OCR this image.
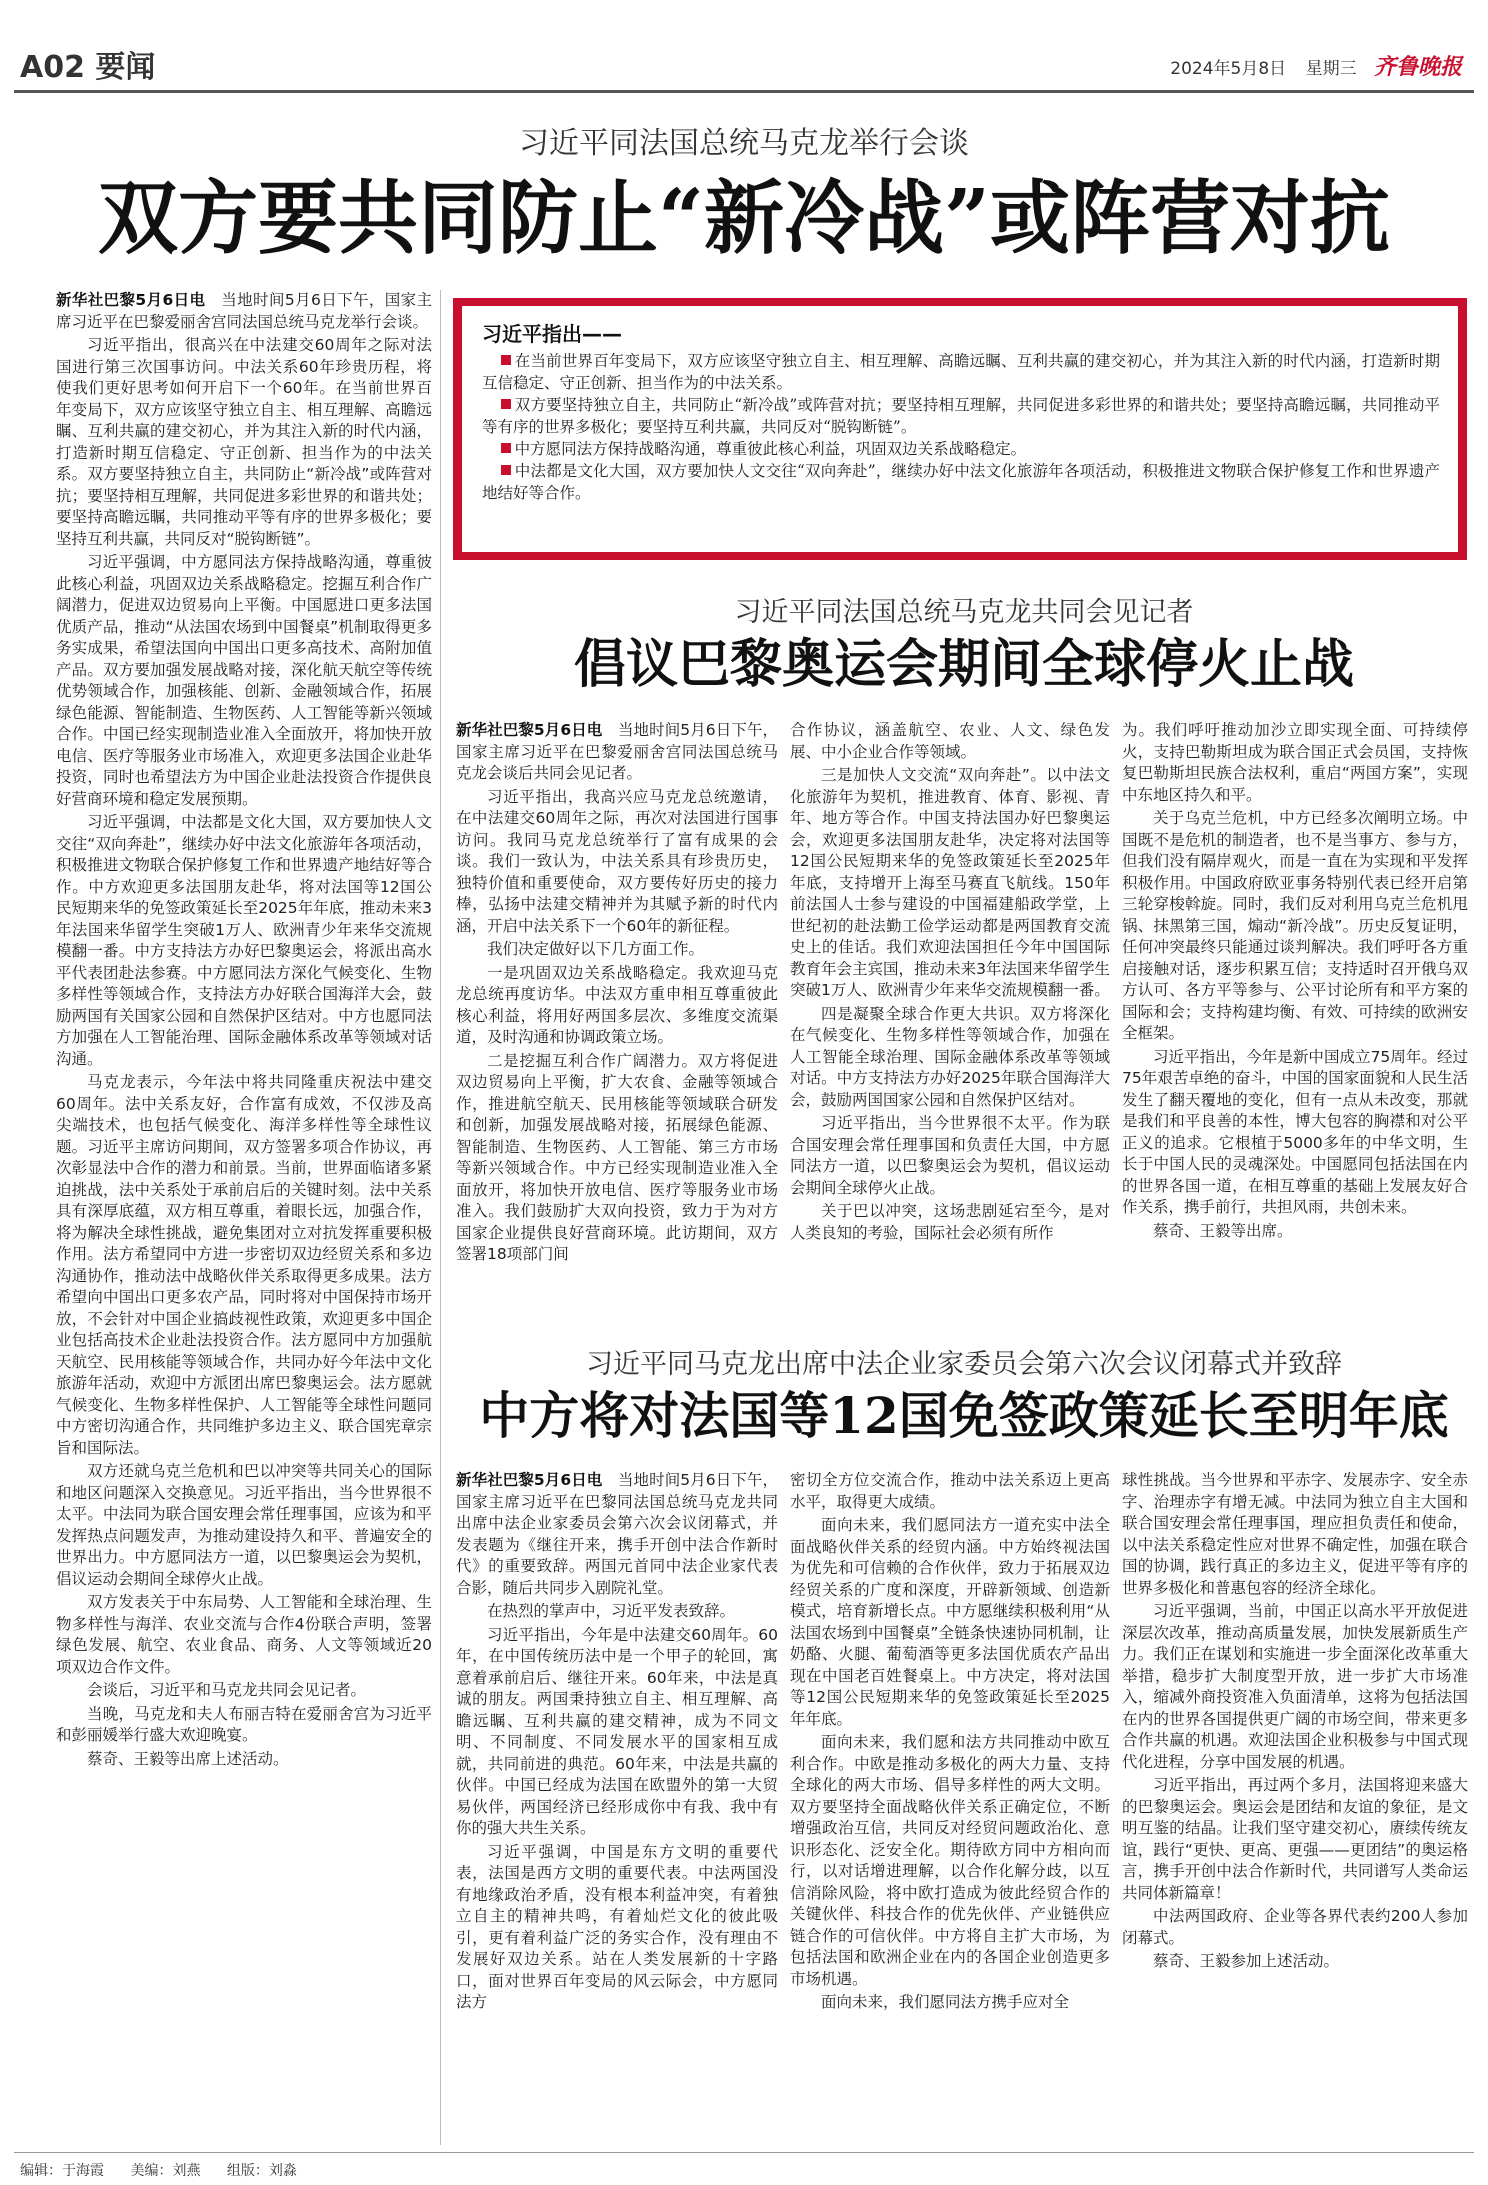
A02 要闻	2024年5月8日 星期三 齐鲁晚报
习近平同法国总统马克龙举行会谈
双方要共同防止“新冷战”或阵营对抗

新华社巴黎5月6日电　 当地时间5月6日下午，国家主席习近平在巴黎爱丽舍宫同法国总统马克龙举行会谈。

习近平指出，很高兴在中法建交60周年之际对法国进行第三次国事访问。中法关系60年珍贵历程，将使我们更好思考如何开启下一个60年。在当前世界百年变局下，双方应该坚守独立自主、相互理解、高瞻远瞩、互利共赢的建交初心，并为其注入新的时代内涵，打造新时期互信稳定、守正创新、担当作为的中法关系。双方要坚持独立自主，共同防止“新冷战”或阵营对抗；要坚持相互理解，共同促进多彩世界的和谐共处；要坚持高瞻远瞩，共同推动平等有序的世界多极化；要坚持互利共赢，共同反对“脱钩断链”。

习近平强调，中方愿同法方保持战略沟通，尊重彼此核心利益，巩固双边关系战略稳定。挖掘互利合作广阔潜力，促进双边贸易向上平衡。中国愿进口更多法国优质产品，推动“从法国农场到中国餐桌”机制取得更多务实成果，希望法国向中国出口更多高技术、高附加值产品。双方要加强发展战略对接，深化航天航空等传统优势领域合作，加强核能、创新、金融领域合作，拓展绿色能源、智能制造、生物医药、人工智能等新兴领域合作。中国已经实现制造业准入全面放开，将加快开放电信、医疗等服务业市场准入，欢迎更多法国企业赴华投资，同时也希望法方为中国企业赴法投资合作提供良好营商环境和稳定发展预期。

习近平强调，中法都是文化大国，双方要加快人文交往“双向奔赴”，继续办好中法文化旅游年各项活动，积极推进文物联合保护修复工作和世界遗产地结好等合作。中方欢迎更多法国朋友赴华，将对法国等12国公民短期来华的免签政策延长至2025年年底，推动未来3年法国来华留学生突破1万人、欧洲青少年来华交流规模翻一番。中方支持法方办好巴黎奥运会，将派出高水平代表团赴法参赛。中方愿同法方深化气候变化、生物多样性等领域合作，支持法方办好联合国海洋大会，鼓励两国有关国家公园和自然保护区结对。中方也愿同法方加强在人工智能治理、国际金融体系改革等领域对话沟通。

马克龙表示，今年法中将共同隆重庆祝法中建交60周年。法中关系友好，合作富有成效，不仅涉及高尖端技术，也包括气候变化、海洋多样性等全球性议题。习近平主席访问期间，双方签署多项合作协议，再次彰显法中合作的潜力和前景。当前，世界面临诸多紧迫挑战，法中关系处于承前启后的关键时刻。法中关系具有深厚底蕴，双方相互尊重，着眼长远，加强合作，将为解决全球性挑战，避免集团对立对抗发挥重要积极作用。法方希望同中方进一步密切双边经贸关系和多边沟通协作，推动法中战略伙伴关系取得更多成果。法方希望向中国出口更多农产品，同时将对中国保持市场开放，不会针对中国企业搞歧视性政策，欢迎更多中国企业包括高技术企业赴法投资合作。法方愿同中方加强航天航空、民用核能等领域合作，共同办好今年法中文化旅游年活动，欢迎中方派团出席巴黎奥运会。法方愿就气候变化、生物多样性保护、人工智能等全球性问题同中方密切沟通合作，共同维护多边主义、联合国宪章宗旨和国际法。

双方还就乌克兰危机和巴以冲突等共同关心的国际和地区问题深入交换意见。习近平指出，当今世界很不太平。中法同为联合国安理会常任理事国，应该为和平发挥热点问题发声，为推动建设持久和平、普遍安全的世界出力。中方愿同法方一道，以巴黎奥运会为契机，倡议运动会期间全球停火止战。

双方发表关于中东局势、人工智能和全球治理、生物多样性与海洋、农业交流与合作4份联合声明，签署绿色发展、航空、农业食品、商务、人文等领域近20项双边合作文件。

会谈后，习近平和马克龙共同会见记者。

当晚，马克龙和夫人布丽吉特在爱丽舍宫为习近平和彭丽媛举行盛大欢迎晚宴。

蔡奇、王毅等出席上述活动。

习近平指出——

在当前世界百年变局下，双方应该坚守独立自主、相互理解、高瞻远瞩、互利共赢的建交初心，并为其注入新的时代内涵，打造新时期互信稳定、守正创新、担当作为的中法关系。

双方要坚持独立自主，共同防止“新冷战”或阵营对抗；要坚持相互理解，共同促进多彩世界的和谐共处；要坚持高瞻远瞩，共同推动平等有序的世界多极化；要坚持互利共赢，共同反对“脱钩断链”。

中方愿同法方保持战略沟通，尊重彼此核心利益，巩固双边关系战略稳定。

中法都是文化大国，双方要加快人文交往“双向奔赴”，继续办好中法文化旅游年各项活动，积极推进文物联合保护修复工作和世界遗产地结好等合作。

习近平同法国总统马克龙共同会见记者
倡议巴黎奥运会期间全球停火止战

新华社巴黎5月6日电　 当地时间5月6日下午，国家主席习近平在巴黎爱丽舍宫同法国总统马克龙会谈后共同会见记者。

习近平指出，我高兴应马克龙总统邀请，在中法建交60周年之际，再次对法国进行国事访问。我同马克龙总统举行了富有成果的会谈。我们一致认为，中法关系具有珍贵历史，独特价值和重要使命，双方要传好历史的接力棒，弘扬中法建交精神并为其赋予新的时代内涵，开启中法关系下一个60年的新征程。

我们决定做好以下几方面工作。

一是巩固双边关系战略稳定。我欢迎马克龙总统再度访华。中法双方重申相互尊重彼此核心利益，将用好两国多层次、多维度交流渠道，及时沟通和协调政策立场。

二是挖掘互利合作广阔潜力。双方将促进双边贸易向上平衡，扩大农食、金融等领域合作，推进航空航天、民用核能等领域联合研发和创新，加强发展战略对接，拓展绿色能源、智能制造、生物医药、人工智能、第三方市场等新兴领域合作。中方已经实现制造业准入全面放开，将加快开放电信、医疗等服务业市场准入。我们鼓励扩大双向投资，致力于为对方国家企业提供良好营商环境。此访期间，双方签署18项部门间

合作协议，涵盖航空、农业、人文、绿色发展、中小企业合作等领域。

三是加快人文交流“双向奔赴”。以中法文化旅游年为契机，推进教育、体育、影视、青年、地方等合作。中国支持法国办好巴黎奥运会，欢迎更多法国朋友赴华，决定将对法国等12国公民短期来华的免签政策延长至2025年年底，支持增开上海至马赛直飞航线。150年前法国人士参与建设的中国福建船政学堂，上世纪初的赴法勤工俭学运动都是两国教育交流史上的佳话。我们欢迎法国担任今年中国国际教育年会主宾国，推动未来3年法国来华留学生突破1万人、欧洲青少年来华交流规模翻一番。

四是凝聚全球合作更大共识。双方将深化在气候变化、生物多样性等领域合作，加强在人工智能全球治理、国际金融体系改革等领域对话。中方支持法方办好2025年联合国海洋大会，鼓励两国国家公园和自然保护区结对。

习近平指出，当今世界很不太平。作为联合国安理会常任理事国和负责任大国，中方愿同法方一道，以巴黎奥运会为契机，倡议运动会期间全球停火止战。

关于巴以冲突，这场悲剧延宕至今，是对人类良知的考验，国际社会必须有所作

为。我们呼吁推动加沙立即实现全面、可持续停火，支持巴勒斯坦成为联合国正式会员国，支持恢复巴勒斯坦民族合法权利，重启“两国方案”，实现中东地区持久和平。

关于乌克兰危机，中方已经多次阐明立场。中国既不是危机的制造者，也不是当事方、参与方，但我们没有隔岸观火，而是一直在为实现和平发挥积极作用。中国政府欧亚事务特别代表已经开启第三轮穿梭斡旋。同时，我们反对利用乌克兰危机甩锅、抹黑第三国，煽动“新冷战”。历史反复证明，任何冲突最终只能通过谈判解决。我们呼吁各方重启接触对话，逐步积累互信；支持适时召开俄乌双方认可、各方平等参与、公平讨论所有和平方案的国际和会；支持构建均衡、有效、可持续的欧洲安全框架。

习近平指出，今年是新中国成立75周年。经过75年艰苦卓绝的奋斗，中国的国家面貌和人民生活发生了翻天覆地的变化，但有一点从未改变，那就是我们和平良善的本性，博大包容的胸襟和对公平正义的追求。它根植于5000多年的中华文明，生长于中国人民的灵魂深处。中国愿同包括法国在内的世界各国一道，在相互尊重的基础上发展友好合作关系，携手前行，共担风雨，共创未来。

蔡奇、王毅等出席。

习近平同马克龙出席中法企业家委员会第六次会议闭幕式并致辞
中方将对法国等12国免签政策延长至明年底

新华社巴黎5月6日电　 当地时间5月6日下午，国家主席习近平在巴黎同法国总统马克龙共同出席中法企业家委员会第六次会议闭幕式，并发表题为《继往开来，携手开创中法合作新时代》的重要致辞。两国元首同中法企业家代表合影，随后共同步入剧院礼堂。

在热烈的掌声中，习近平发表致辞。

习近平指出，今年是中法建交60周年。60年，在中国传统历法中是一个甲子的轮回，寓意着承前启后、继往开来。60年来，中法是真诚的朋友。两国秉持独立自主、相互理解、高瞻远瞩、互利共赢的建交精神，成为不同文明、不同制度、不同发展水平的国家相互成就，共同前进的典范。60年来，中法是共赢的伙伴。中国已经成为法国在欧盟外的第一大贸易伙伴，两国经济已经形成你中有我、我中有你的强大共生关系。

习近平强调，中国是东方文明的重要代表，法国是西方文明的重要代表。中法两国没有地缘政治矛盾，没有根本利益冲突，有着独立自主的精神共鸣，有着灿烂文化的彼此吸引，更有着利益广泛的务实合作，没有理由不发展好双边关系。站在人类发展新的十字路口，面对世界百年变局的风云际会，中方愿同法方

密切全方位交流合作，推动中法关系迈上更高水平，取得更大成绩。

面向未来，我们愿同法方一道充实中法全面战略伙伴关系的经贸内涵。中方始终视法国为优先和可信赖的合作伙伴，致力于拓展双边经贸关系的广度和深度，开辟新领域、创造新模式，培育新增长点。中方愿继续积极利用“从法国农场到中国餐桌”全链条快速协同机制，让奶酪、火腿、葡萄酒等更多法国优质农产品出现在中国老百姓餐桌上。中方决定，将对法国等12国公民短期来华的免签政策延长至2025年年底。

面向未来，我们愿和法方共同推动中欧互利合作。中欧是推动多极化的两大力量、支持全球化的两大市场、倡导多样性的两大文明。双方要坚持全面战略伙伴关系正确定位，不断增强政治互信，共同反对经贸问题政治化、意识形态化、泛安全化。期待欧方同中方相向而行，以对话增进理解，以合作化解分歧，以互信消除风险，将中欧打造成为彼此经贸合作的关键伙伴、科技合作的优先伙伴、产业链供应链合作的可信伙伴。中方将自主扩大市场，为包括法国和欧洲企业在内的各国企业创造更多市场机遇。

面向未来，我们愿同法方携手应对全

球性挑战。当今世界和平赤字、发展赤字、安全赤字、治理赤字有增无减。中法同为独立自主大国和联合国安理会常任理事国，理应担负责任和使命，以中法关系稳定性应对世界不确定性，加强在联合国的协调，践行真正的多边主义，促进平等有序的世界多极化和普惠包容的经济全球化。

习近平强调，当前，中国正以高水平开放促进深层次改革，推动高质量发展，加快发展新质生产力。我们正在谋划和实施进一步全面深化改革重大举措，稳步扩大制度型开放，进一步扩大市场准入，缩减外商投资准入负面清单，这将为包括法国在内的世界各国提供更广阔的市场空间，带来更多合作共赢的机遇。欢迎法国企业积极参与中国式现代化进程，分享中国发展的机遇。

习近平指出，再过两个多月，法国将迎来盛大的巴黎奥运会。奥运会是团结和友谊的象征，是文明互鉴的结晶。让我们坚守建交初心，赓续传统友谊，践行“更快、更高、更强——更团结”的奥运格言，携手开创中法合作新时代，共同谱写人类命运共同体新篇章！

中法两国政府、企业等各界代表约200人参加闭幕式。

蔡奇、王毅参加上述活动。

编辑：于海霞 美编：刘燕 组版：刘淼
